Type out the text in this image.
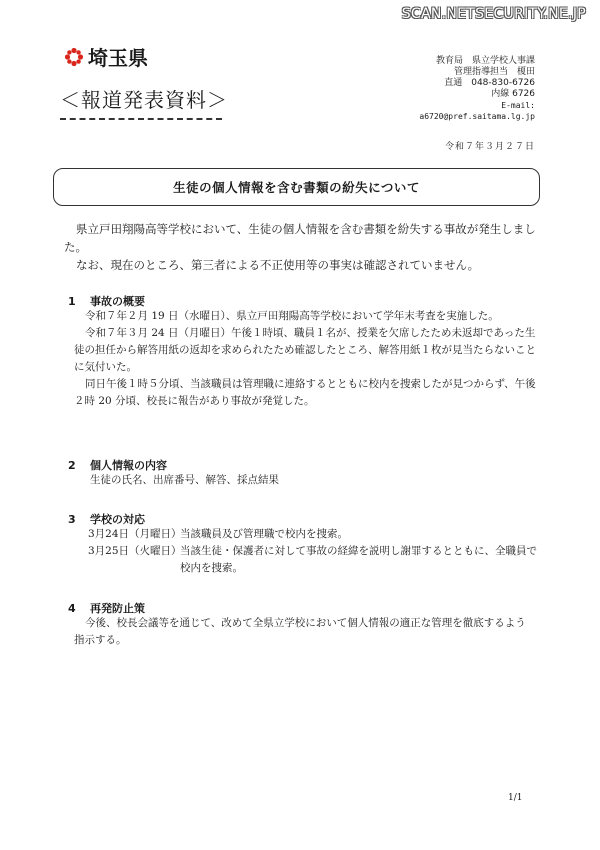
SCAN.NETSECURITY.NE.JP
埼玉県
＜報道発表資料＞
教育局　県立学校人事課
管理指導担当　榎田
直通　048-830-6726
内線 6726
E-mail: a6720@pref.saitama.lg.jp
令和７年３月２７日
生徒の個人情報を含む書類の紛失について

県立戸田翔陽高等学校において、生徒の個人情報を含む書類を紛失する事故が発生しました。

なお、現在のところ、第三者による不正使用等の事実は確認されていません。

1 事故の概要

令和７年２月 19 日（水曜日）、県立戸田翔陽高等学校において学年末考査を実施した。

令和７年３月 24 日（月曜日）午後１時頃、職員１名が、授業を欠席したため未返却であった生徒の担任から解答用紙の返却を求められたため確認したところ、解答用紙１枚が見当たらないことに気付いた。

同日午後１時５分頃、当該職員は管理職に連絡するとともに校内を捜索したが見つからず、午後２時 20 分頃、校長に報告があり事故が発覚した。

2 個人情報の内容

生徒の氏名、出席番号、解答、採点結果

3 学校の対応
3月24日（月曜日）
当該職員及び管理職で校内を捜索。
3月25日（火曜日）
当該生徒・保護者に対して事故の経緯を説明し謝罪するとともに、全職員で校内を捜索。
4 再発防止策

今後、校長会議等を通じて、改めて全県立学校において個人情報の適正な管理を徹底するよう指示する。

1/1
